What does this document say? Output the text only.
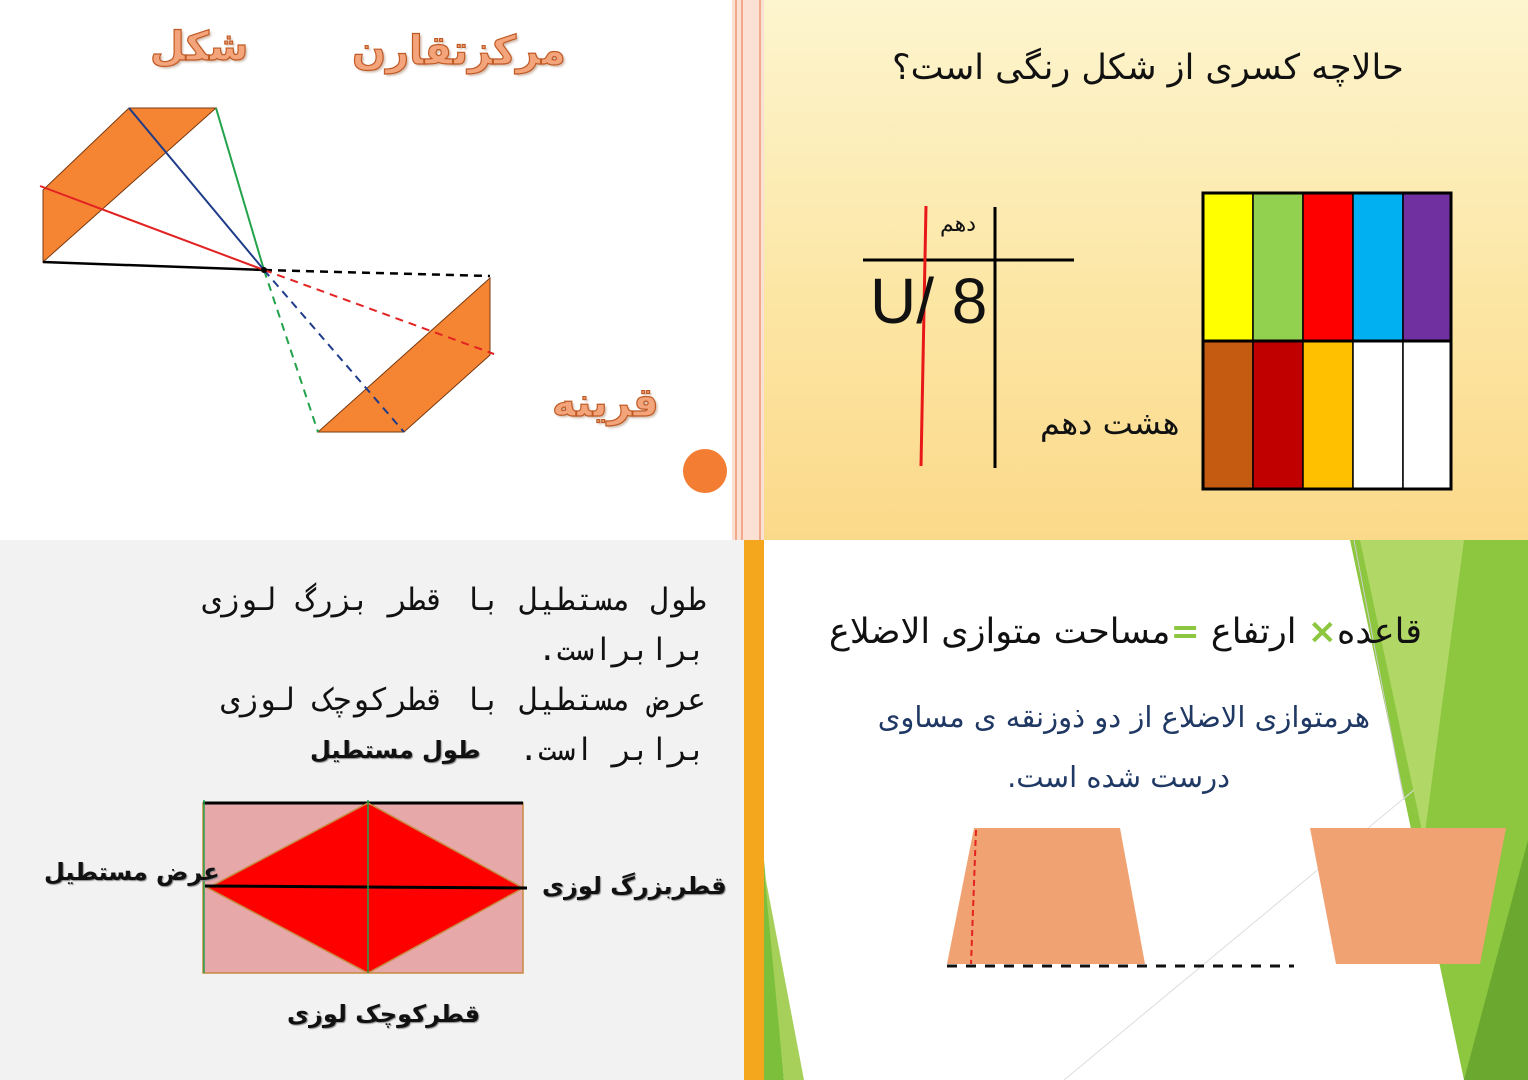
مرکزتقارن
شکل
قرینه
حالاچه کسری از شکل رنگی است؟
دهم
U/ 8
هشت دهم
طول مستطیل با قطر بزرگ لوزی
برابراست.
عرض مستطیل با قطرکوچک لوزی
برابر است.
طول مستطیل
عرض مستطیل	قطربزرگ لوزی
قطرکوچک لوزی
قاعده× ارتفاع =مساحت متوازی الاضلاع
هرمتوازی الاضلاع از دو ذوزنقه ی مساوی
درست شده است.
